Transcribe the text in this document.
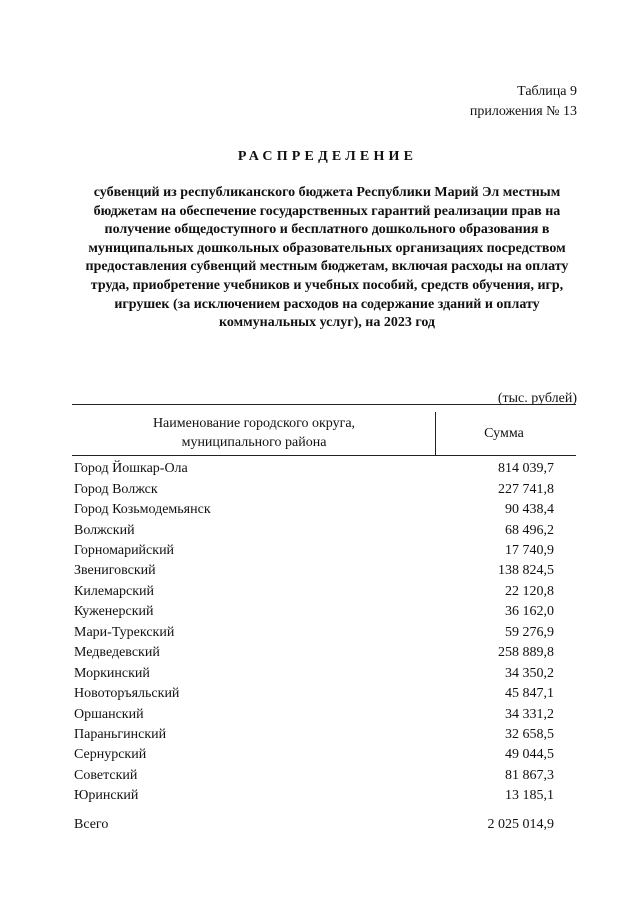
Таблица 9
приложения № 13
РАСПРЕДЕЛЕНИЕ
субвенций из республиканского бюджета Республики Марий Эл местным бюджетам на обеспечение государственных гарантий реализации прав на получение общедоступного и бесплатного дошкольного образования в муниципальных дошкольных образовательных организациях посредством предоставления субвенций местным бюджетам, включая расходы на оплату труда, приобретение учебников и учебных пособий, средств обучения, игр, игрушек (за исключением расходов на содержание зданий и оплату коммунальных услуг), на 2023 год
(тыс. рублей)
Наименование городского округа, муниципального района
Сумма
Город Йошкар-Ола	814 039,7
Город Волжск	227 741,8
Город Козьмодемьянск	90 438,4
Волжский	68 496,2
Горномарийский	17 740,9
Звениговский	138 824,5
Килемарский	22 120,8
Куженерский	36 162,0
Мари-Турекский	59 276,9
Медведевский	258 889,8
Моркинский	34 350,2
Новоторъяльский	45 847,1
Оршанский	34 331,2
Параньгинский	32 658,5
Сернурский	49 044,5
Советский	81 867,3
Юринский	13 185,1
Всего	2 025 014,9
